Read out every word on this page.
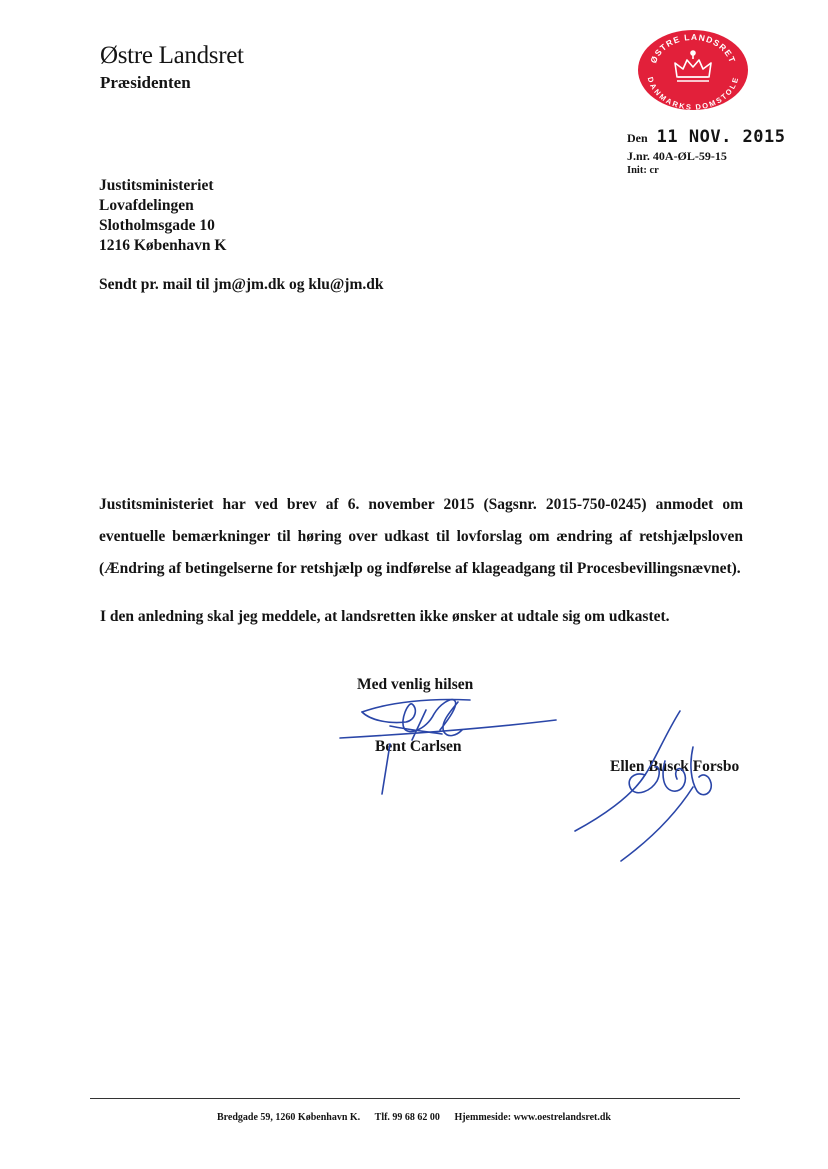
Østre Landsret
Præsidenten
ØSTRE LANDSRET
DANMARKS DOMSTOLE
Den 11 NOV. 2015
J.nr. 40A-ØL-59-15
Init: cr
Justitsministeriet
Lovafdelingen
Slotholmsgade 10
1216 København K
Sendt pr. mail til jm@jm.dk og klu@jm.dk
Justitsministeriet har ved brev af 6. november 2015 (Sagsnr. 2015-750-0245) anmodet om eventuelle bemærkninger til høring over udkast til lovforslag om ændring af retshjælpsloven (Ændring af betingelserne for retshjælp og indførelse af klageadgang til Procesbevillingsnævnet).
I den anledning skal jeg meddele, at landsretten ikke ønsker at udtale sig om udkastet.
Med venlig hilsen
Bent Carlsen
Ellen Busck Forsbo
Bredgade 59, 1260 København K. Tlf. 99 68 62 00 Hjemmeside: www.oestrelandsret.dk
